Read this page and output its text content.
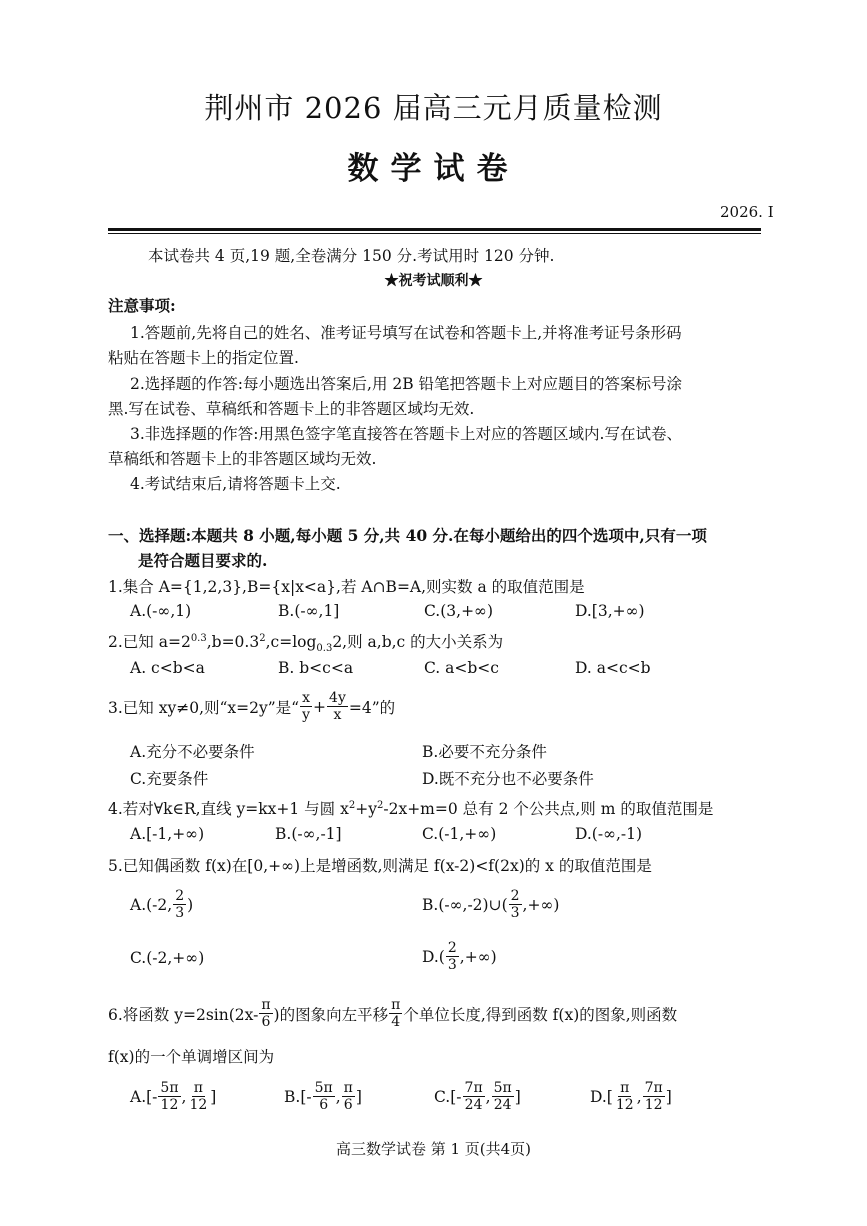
荆州市 2026 届高三元月质量检测
数学试卷
2026. I
本试卷共 4 页,19 题,全卷满分 150 分.考试用时 120 分钟.
★祝考试顺利★
注意事项:
1.答题前,先将自己的姓名、准考证号填写在试卷和答题卡上,并将准考证号条形码
粘贴在答题卡上的指定位置.
2.选择题的作答:每小题选出答案后,用 2B 铅笔把答题卡上对应题目的答案标号涂
黑.写在试卷、草稿纸和答题卡上的非答题区域均无效.
3.非选择题的作答:用黑色签字笔直接答在答题卡上对应的答题区域内.写在试卷、
草稿纸和答题卡上的非答题区域均无效.
4.考试结束后,请将答题卡上交.
一、选择题:本题共 8 小题,每小题 5 分,共 40 分.在每小题给出的四个选项中,只有一项
是符合题目要求的.
1.集合 A={1,2,3},B={x|x<a},若 A∩B=A,则实数 a 的取值范围是
A.(-∞,1)	B.(-∞,1]	C.(3,+∞)	D.[3,+∞)
2.已知 $a=2^{0.3},b=0.3^2,c=\log_{0.3}2$,则 a,b,c 的大小关系为
A. c<b<a	B. b<c<a	C. a<b<c	D. a<c<b
3.已知 xy≠0,则“x=2y”是“ $\frac{x}{y} + \frac{4y}{x} =4$”的
A.充分不必要条件	B.必要不充分条件
C.充要条件	D.既不充分也不必要条件
4.若对∀k∈R,直线 y=kx+1 与圆 $x^2+y^2-2x+m=0$ 总有 2 个公共点,则 m 的取值范围是
A.[-1,+∞)	B.(-∞,-1]	C.(-1,+∞)	D.(-∞,-1)
5.已知偶函数 f(x)在[0,+∞)上是增函数,则满足 f(x-2)<f(2x)的 x 的取值范围是
A.(-2, $\frac{2}{3}$ )	B.(-∞,-2)∪( $\frac{2}{3}$ ,+∞)
C.(-2,+∞)	$D.( \frac{2}{3}$ ,+∞)
6.将函数 $y=2\sin(2x- \frac{\pi}{6}$ )的图象向左平移 $\frac{\pi}{4}$ 个单位长度,得到函数 f(x)的图象,则函数
f(x)的一个单调增区间为
$A.[- \frac{5\pi}{12}$ , $\frac{\pi}{12}$ ]	$B.[- \frac{5\pi}{6}$ , $\frac{\pi}{6}$ ]	$C.[- \frac{7\pi}{24}$ , $\frac{5\pi}{24}$ ]	$D.[ \frac{\pi}{12}$ , $\frac{7\pi}{12}$ ]
高三数学试卷 第 1 页(共4页)
